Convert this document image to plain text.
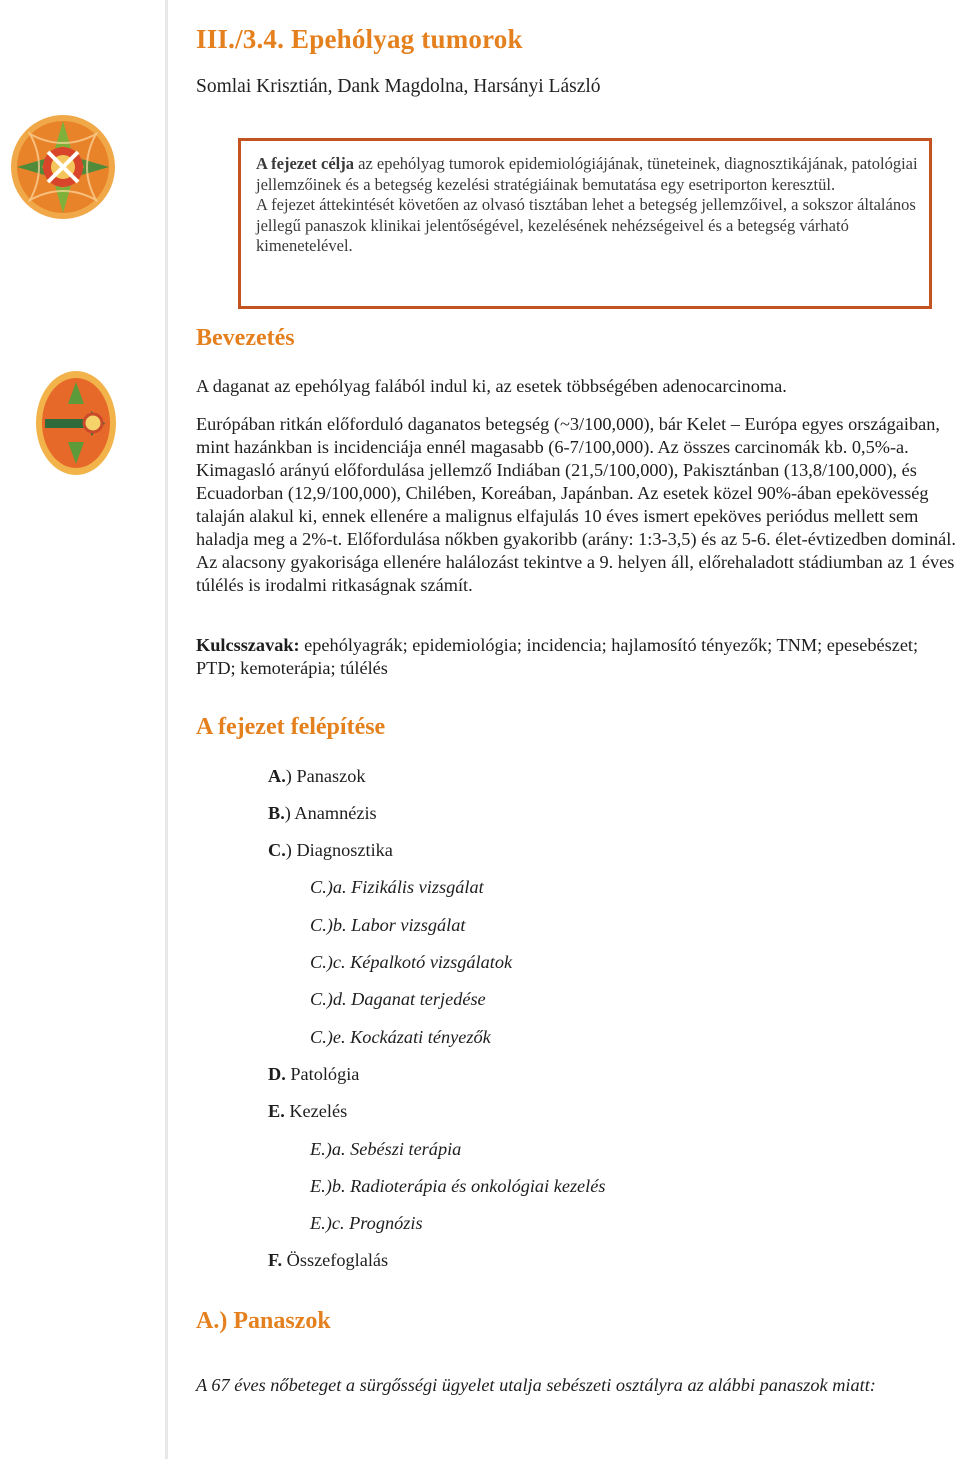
III./3.4. Epehólyag tumorok
Somlai Krisztián, Dank Magdolna, Harsányi László

A fejezet célja az epehólyag tumorok epidemiológiájának, tüneteinek, diagnosztikájának, patológiai jellemzőinek és a betegség kezelési stratégiáinak bemutatása egy esetriporton keresztül.

A fejezet áttekintését követően az olvasó tisztában lehet a betegség jellemzőivel, a sokszor általános jellegű panaszok klinikai jelentőségével, kezelésének nehézségeivel és a betegség várható kimenetelével.

Bevezetés

A daganat az epehólyag falából indul ki, az esetek többségében adenocarcinoma.

Európában ritkán előforduló daganatos betegség (~3/100,000), bár Kelet – Európa egyes országaiban, mint hazánkban is incidenciája ennél magasabb (6-7/100,000). Az összes carcinomák kb. 0,5%-a. Kimagasló arányú előfordulása jellemző Indiában (21,5/100,000), Pakisztánban (13,8/100,000), és Ecuadorban (12,9/100,000), Chilében, Koreában, Japánban. Az esetek közel 90%-ában epekövesség talaján alakul ki, ennek ellenére a malignus elfajulás 10 éves ismert epeköves periódus mellett sem haladja meg a 2%-t. Előfordulása nőkben gyakoribb (arány: 1:3-3,5) és az 5-6. élet-évtizedben dominál. Az alacsony gyakorisága ellenére halálozást tekintve a 9. helyen áll, előrehaladott stádiumban az 1 éves túlélés is irodalmi ritkaságnak számít.

Kulcsszavak: epehólyagrák; epidemiológia; incidencia; hajlamosító tényezők; TNM; epesebészet; PTD; kemoterápia; túlélés

A fejezet felépítése
A.) Panaszok
B.) Anamnézis
C.) Diagnosztika
C.)a. Fizikális vizsgálat
C.)b. Labor vizsgálat
C.)c. Képalkotó vizsgálatok
C.)d. Daganat terjedése
C.)e. Kockázati tényezők
D. Patológia
E. Kezelés
E.)a. Sebészi terápia
E.)b. Radioterápia és onkológiai kezelés
E.)c. Prognózis
F. Összefoglalás
A.) Panaszok

A 67 éves nőbeteget a sürgősségi ügyelet utalja sebészeti osztályra az alábbi panaszok miatt:
